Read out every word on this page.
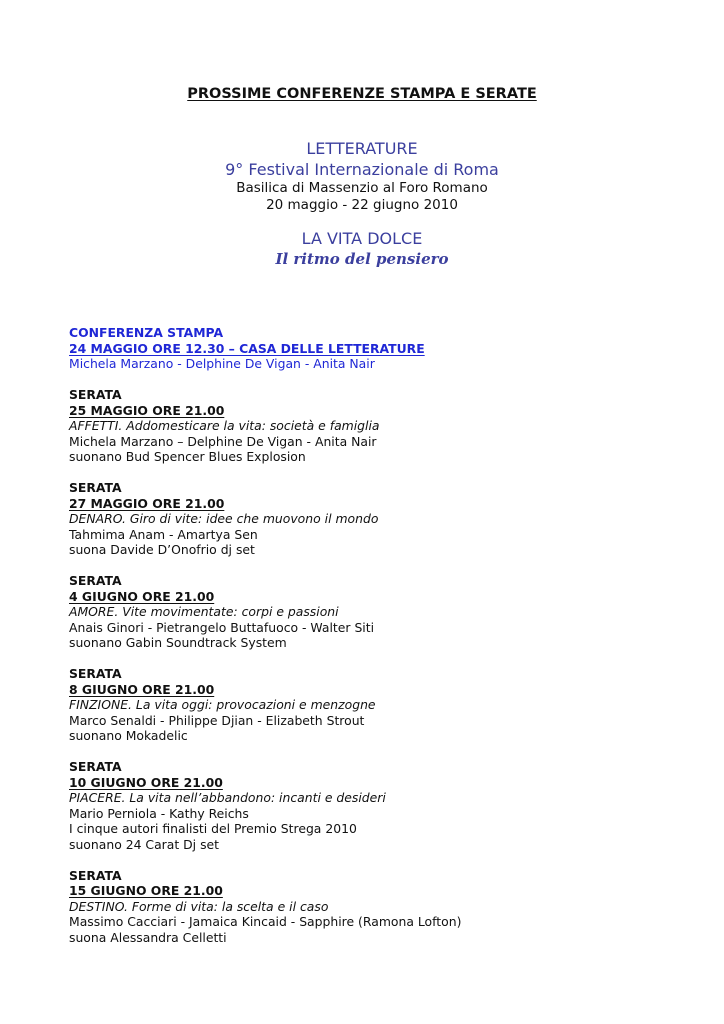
PROSSIME CONFERENZE STAMPA E SERATE
LETTERATURE
9° Festival Internazionale di Roma
Basilica di Massenzio al Foro Romano
20 maggio - 22 giugno 2010
LA VITA DOLCE
Il ritmo del pensiero
CONFERENZA STAMPA
24 MAGGIO ORE 12.30 – CASA DELLE LETTERATURE
Michela Marzano - Delphine De Vigan - Anita Nair
SERATA
25 MAGGIO ORE 21.00
AFFETTI. Addomesticare la vita: società e famiglia
Michela Marzano – Delphine De Vigan - Anita Nair
suonano Bud Spencer Blues Explosion
SERATA
27 MAGGIO ORE 21.00
DENARO. Giro di vite: idee che muovono il mondo
Tahmima Anam - Amartya Sen
suona Davide D’Onofrio dj set
SERATA
4 GIUGNO ORE 21.00
AMORE. Vite movimentate: corpi e passioni
Anais Ginori - Pietrangelo Buttafuoco - Walter Siti
suonano Gabin Soundtrack System
SERATA
8 GIUGNO ORE 21.00
FINZIONE. La vita oggi: provocazioni e menzogne
Marco Senaldi - Philippe Djian - Elizabeth Strout
suonano Mokadelic
SERATA
10 GIUGNO ORE 21.00
PIACERE. La vita nell’abbandono: incanti e desideri
Mario Perniola - Kathy Reichs
I cinque autori finalisti del Premio Strega 2010
suonano 24 Carat Dj set
SERATA
15 GIUGNO ORE 21.00
DESTINO. Forme di vita: la scelta e il caso
Massimo Cacciari - Jamaica Kincaid - Sapphire (Ramona Lofton)
suona Alessandra Celletti
